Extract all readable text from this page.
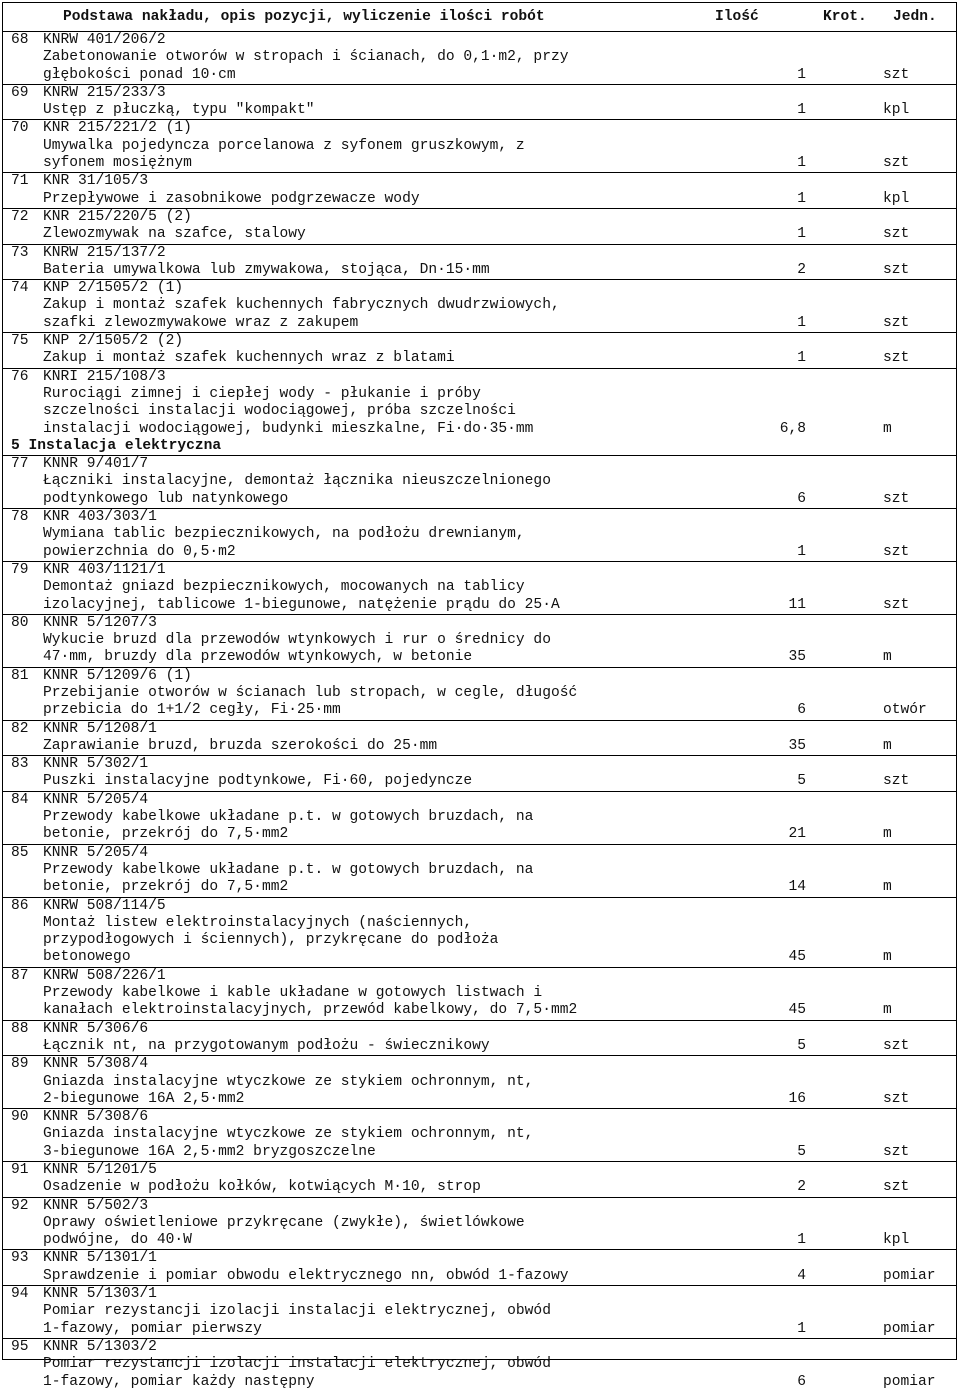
Podstawa nakładu, opis pozycji, wyliczenie ilości robót	Ilość	Krot. Jedn.
68 KNRW 401/206/2
Zabetonowanie otworów w stropach i ścianach, do 0,1·m2, przy
głębokości ponad 10·cm	1	szt
69 KNRW 215/233/3
Ustęp z płuczką, typu "kompakt"	1	kpl
70 KNR 215/221/2 (1)
Umywalka pojedyncza porcelanowa z syfonem gruszkowym, z
syfonem mosiężnym	1	szt
71 KNR 31/105/3
Przepływowe i zasobnikowe podgrzewacze wody	1	kpl
72 KNR 215/220/5 (2)
Zlewozmywak na szafce, stalowy	1	szt
73 KNRW 215/137/2
Bateria umywalkowa lub zmywakowa, stojąca, Dn·15·mm	2	szt
74 KNP 2/1505/2 (1)
Zakup i montaż szafek kuchennych fabrycznych dwudrzwiowych,
szafki zlewozmywakowe wraz z zakupem	1	szt
75 KNP 2/1505/2 (2)
Zakup i montaż szafek kuchennych wraz z blatami	1	szt
76 KNRI 215/108/3
Rurociągi zimnej i ciepłej wody - płukanie i próby
szczelności instalacji wodociągowej, próba szczelności
instalacji wodociągowej, budynki mieszkalne, Fi·do·35·mm	6,8	m
5 Instalacja elektryczna
77 KNNR 9/401/7
Łączniki instalacyjne, demontaż łącznika nieuszczelnionego
podtynkowego lub natynkowego	6	szt
78 KNR 403/303/1
Wymiana tablic bezpiecznikowych, na podłożu drewnianym,
powierzchnia do 0,5·m2	1	szt
79 KNR 403/1121/1
Demontaż gniazd bezpiecznikowych, mocowanych na tablicy
izolacyjnej, tablicowe 1-biegunowe, natężenie prądu do 25·A	11	szt
80 KNNR 5/1207/3
Wykucie bruzd dla przewodów wtynkowych i rur o średnicy do
47·mm, bruzdy dla przewodów wtynkowych, w betonie	35	m
81 KNNR 5/1209/6 (1)
Przebijanie otworów w ścianach lub stropach, w cegle, długość
przebicia do 1+1/2 cegły, Fi·25·mm	6	otwór
82 KNNR 5/1208/1
Zaprawianie bruzd, bruzda szerokości do 25·mm	35	m
83 KNNR 5/302/1
Puszki instalacyjne podtynkowe, Fi·60, pojedyncze	5	szt
84 KNNR 5/205/4
Przewody kabelkowe układane p.t. w gotowych bruzdach, na
betonie, przekrój do 7,5·mm2	21	m
85 KNNR 5/205/4
Przewody kabelkowe układane p.t. w gotowych bruzdach, na
betonie, przekrój do 7,5·mm2	14	m
86 KNRW 508/114/5
Montaż listew elektroinstalacyjnych (naściennych,
przypodłogowych i ściennych), przykręcane do podłoża
betonowego	45	m
87 KNRW 508/226/1
Przewody kabelkowe i kable układane w gotowych listwach i
kanałach elektroinstalacyjnych, przewód kabelkowy, do 7,5·mm2	45	m
88 KNNR 5/306/6
Łącznik nt, na przygotowanym podłożu - świecznikowy	5	szt
89 KNNR 5/308/4
Gniazda instalacyjne wtyczkowe ze stykiem ochronnym, nt,
2-biegunowe 16A 2,5·mm2	16	szt
90 KNNR 5/308/6
Gniazda instalacyjne wtyczkowe ze stykiem ochronnym, nt,
3-biegunowe 16A 2,5·mm2 bryzgoszczelne	5	szt
91 KNNR 5/1201/5
Osadzenie w podłożu kołków, kotwiących M·10, strop	2	szt
92 KNNR 5/502/3
Oprawy oświetleniowe przykręcane (zwykłe), świetlówkowe
podwójne, do 40·W	1	kpl
93 KNNR 5/1301/1
Sprawdzenie i pomiar obwodu elektrycznego nn, obwód 1-fazowy	4	pomiar
94 KNNR 5/1303/1
Pomiar rezystancji izolacji instalacji elektrycznej, obwód
1-fazowy, pomiar pierwszy	1	pomiar
95 KNNR 5/1303/2
Pomiar rezystancji izolacji instalacji elektrycznej, obwód
1-fazowy, pomiar każdy następny	6	pomiar
